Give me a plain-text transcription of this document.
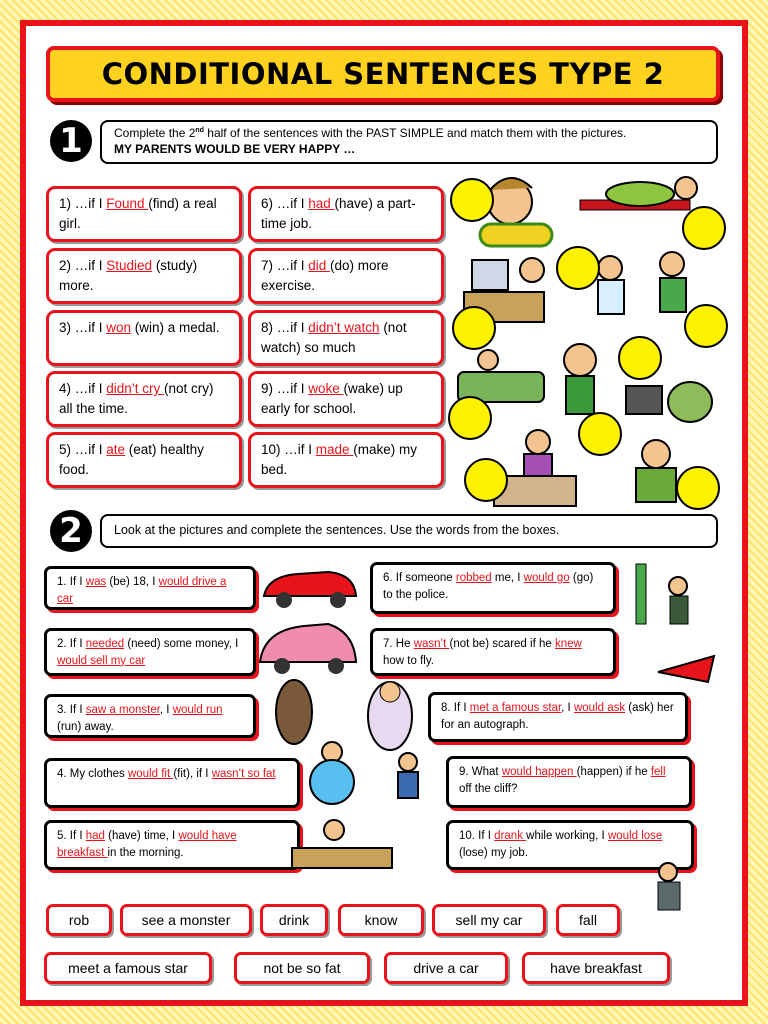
CONDITIONAL SENTENCES TYPE 2
1	Complete the 2nd half of the sentences with the PAST SIMPLE and match them with the pictures.
MY PARENTS WOULD BE VERY HAPPY …
1) …if I Found (find) a real girl.
2) …if I Studied (study) more.
3) …if I won (win) a medal.
4) …if I didn’t cry (not cry) all the time.
5) …if I ate (eat) healthy food.
6) …if I had (have) a part-time job.
7) …if I did (do) more exercise.
8) …if I didn’t watch (not watch) so much
9) …if I woke (wake) up early for school.
10) …if I made (make) my bed.
2	Look at the pictures and complete the sentences. Use the words from the boxes.
1. If I was (be) 18, I would drive a car
2. If I needed (need) some money, I would sell my car
3. If I saw a monster, I would run (run) away.
4. My clothes would fit (fit), if I wasn’t so fat
5. If I had (have) time, I would have breakfast in the morning.
6. If someone robbed me, I would go (go) to the police.
7. He wasn’t (not be) scared if he knew how to fly.
8. If I met a famous star, I would ask (ask) her for an autograph.
9. What would happen (happen) if he fell off the cliff?
10. If I drank while working, I would lose (lose) my job.
rob	see a monster	drink	know	sell my car	fall
meet a famous star	not be so fat	drive a car	have breakfast
